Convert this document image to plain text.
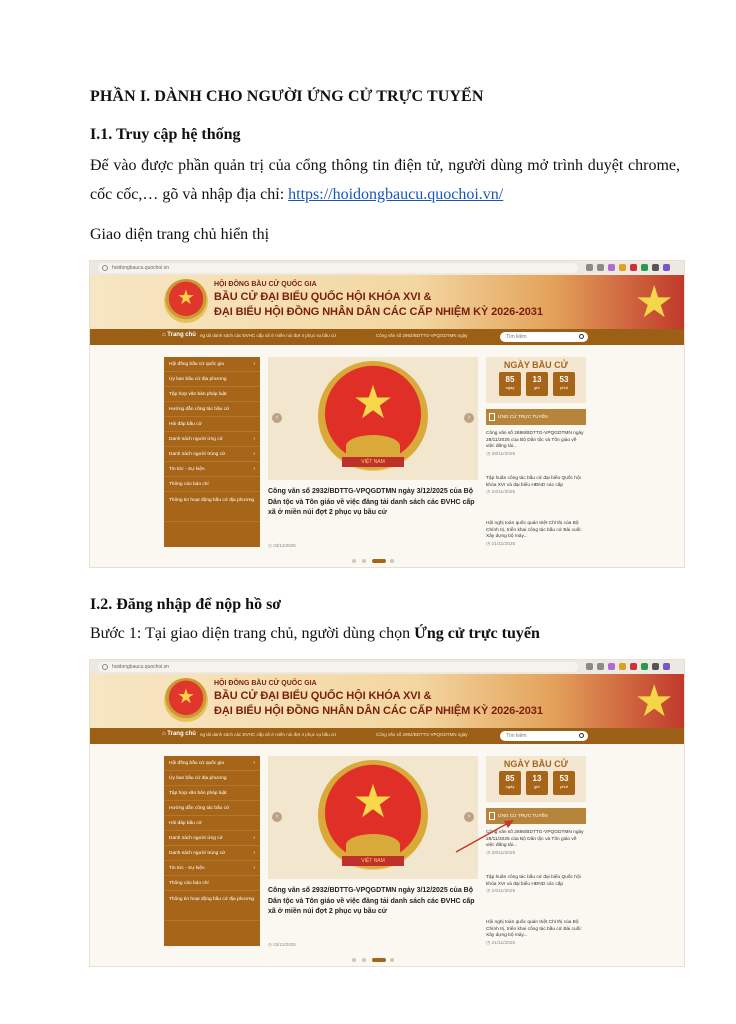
PHẦN I. DÀNH CHO NGƯỜI ỨNG CỬ TRỰC TUYẾN
I.1. Truy cập hệ thống
Để vào được phần quản trị của cổng thông tin điện tử, người dùng mở trình duyệt chrome, cốc cốc,… gõ và nhập địa chỉ: https://hoidongbaucu.quochoi.vn/
Giao diện trang chủ hiển thị
hoidongbaucu.quochoi.vn
★
HỘI ĐỒNG BẦU CỬ QUỐC GIA
BẦU CỬ ĐẠI BIỂU QUỐC HỘI KHÓA XVI &
ĐẠI BIỂU HỘI ĐỒNG NHÂN DÂN CÁC CẤP NHIỆM KỲ 2026-2031 ★
⌂ Trang chủ ng tải danh sách các ĐVHC cấp xã ở miền núi đợt 4 phục vụ bầu cử	Công văn số 2992/BDTTG-VPQGDTMN ngày	Tìm kiếm
Hội đồng bầu cử quốc gia	›
Ủy ban bầu cử địa phương
Tập hợp văn bản pháp luật
Hướng dẫn công tác bầu cử
Hỏi đáp bầu cử
Danh sách người ứng cử	›
Danh sách người trúng cử	›
Tin tức - Sự kiện	›
Thông cáo báo chí
Thông tin hoạt động bầu cử địa phương
★
VIỆT NAM
‹	›
Công văn số 2932/BDTTG-VPQGDTMN ngày 3/12/2025 của Bộ Dân tộc và Tôn giáo về việc đăng tải danh sách các ĐVHC cấp xã ở miền núi đợt 2 phục vụ bầu cử
◷ 03/12/2025
NGÀY BẦU CỬ
85
ngày
13
giờ
53
phút
ỨNG CỬ TRỰC TUYẾN
Công văn số 2886/BDTTG-VPQGDTMN ngày 28/11/2025 của Bộ Dân tộc và Tôn giáo về việc đăng tải...
◷ 28/11/2025
Tập huấn công tác bầu cử đại biểu Quốc hội khóa XVI và đại biểu HĐND các cấp
◷ 24/11/2025
Hội nghị toàn quốc quán triệt Chỉ thị của Bộ Chính trị, triển khai công tác bầu cử Bài cuối: Xây dựng bộ máy...
◷ 21/11/2025
I.2. Đăng nhập để nộp hồ sơ
Bước 1: Tại giao diện trang chủ, người dùng chọn Ứng cử trực tuyến
hoidongbaucu.quochoi.vn
★
HỘI ĐỒNG BẦU CỬ QUỐC GIA
BẦU CỬ ĐẠI BIỂU QUỐC HỘI KHÓA XVI &
ĐẠI BIỂU HỘI ĐỒNG NHÂN DÂN CÁC CẤP NHIỆM KỲ 2026-2031 ★
⌂ Trang chủ ng tải danh sách các ĐVHC cấp xã ở miền núi đợt 4 phục vụ bầu cử	Công văn số 2992/BDTTG-VPQGDTMN ngày	Tìm kiếm
Hội đồng bầu cử quốc gia	›
Ủy ban bầu cử địa phương
Tập hợp văn bản pháp luật
Hướng dẫn công tác bầu cử
Hỏi đáp bầu cử
Danh sách người ứng cử	›
Danh sách người trúng cử	›
Tin tức - Sự kiện	›
Thông cáo báo chí
Thông tin hoạt động bầu cử địa phương
★
VIỆT NAM
‹	›
Công văn số 2932/BDTTG-VPQGDTMN ngày 3/12/2025 của Bộ Dân tộc và Tôn giáo về việc đăng tải danh sách các ĐVHC cấp xã ở miền núi đợt 2 phục vụ bầu cử
◷ 03/12/2025
NGÀY BẦU CỬ
85
ngày
13
giờ
53
phút
ỨNG CỬ TRỰC TUYẾN
Công văn số 2886/BDTTG-VPQGDTMN ngày 28/11/2025 của Bộ Dân tộc và Tôn giáo về việc đăng tải...
◷ 28/11/2025
Tập huấn công tác bầu cử đại biểu Quốc hội khóa XVI và đại biểu HĐND các cấp
◷ 24/11/2025
Hội nghị toàn quốc quán triệt Chỉ thị của Bộ Chính trị, triển khai công tác bầu cử Bài cuối: Xây dựng bộ máy...
◷ 21/11/2025
